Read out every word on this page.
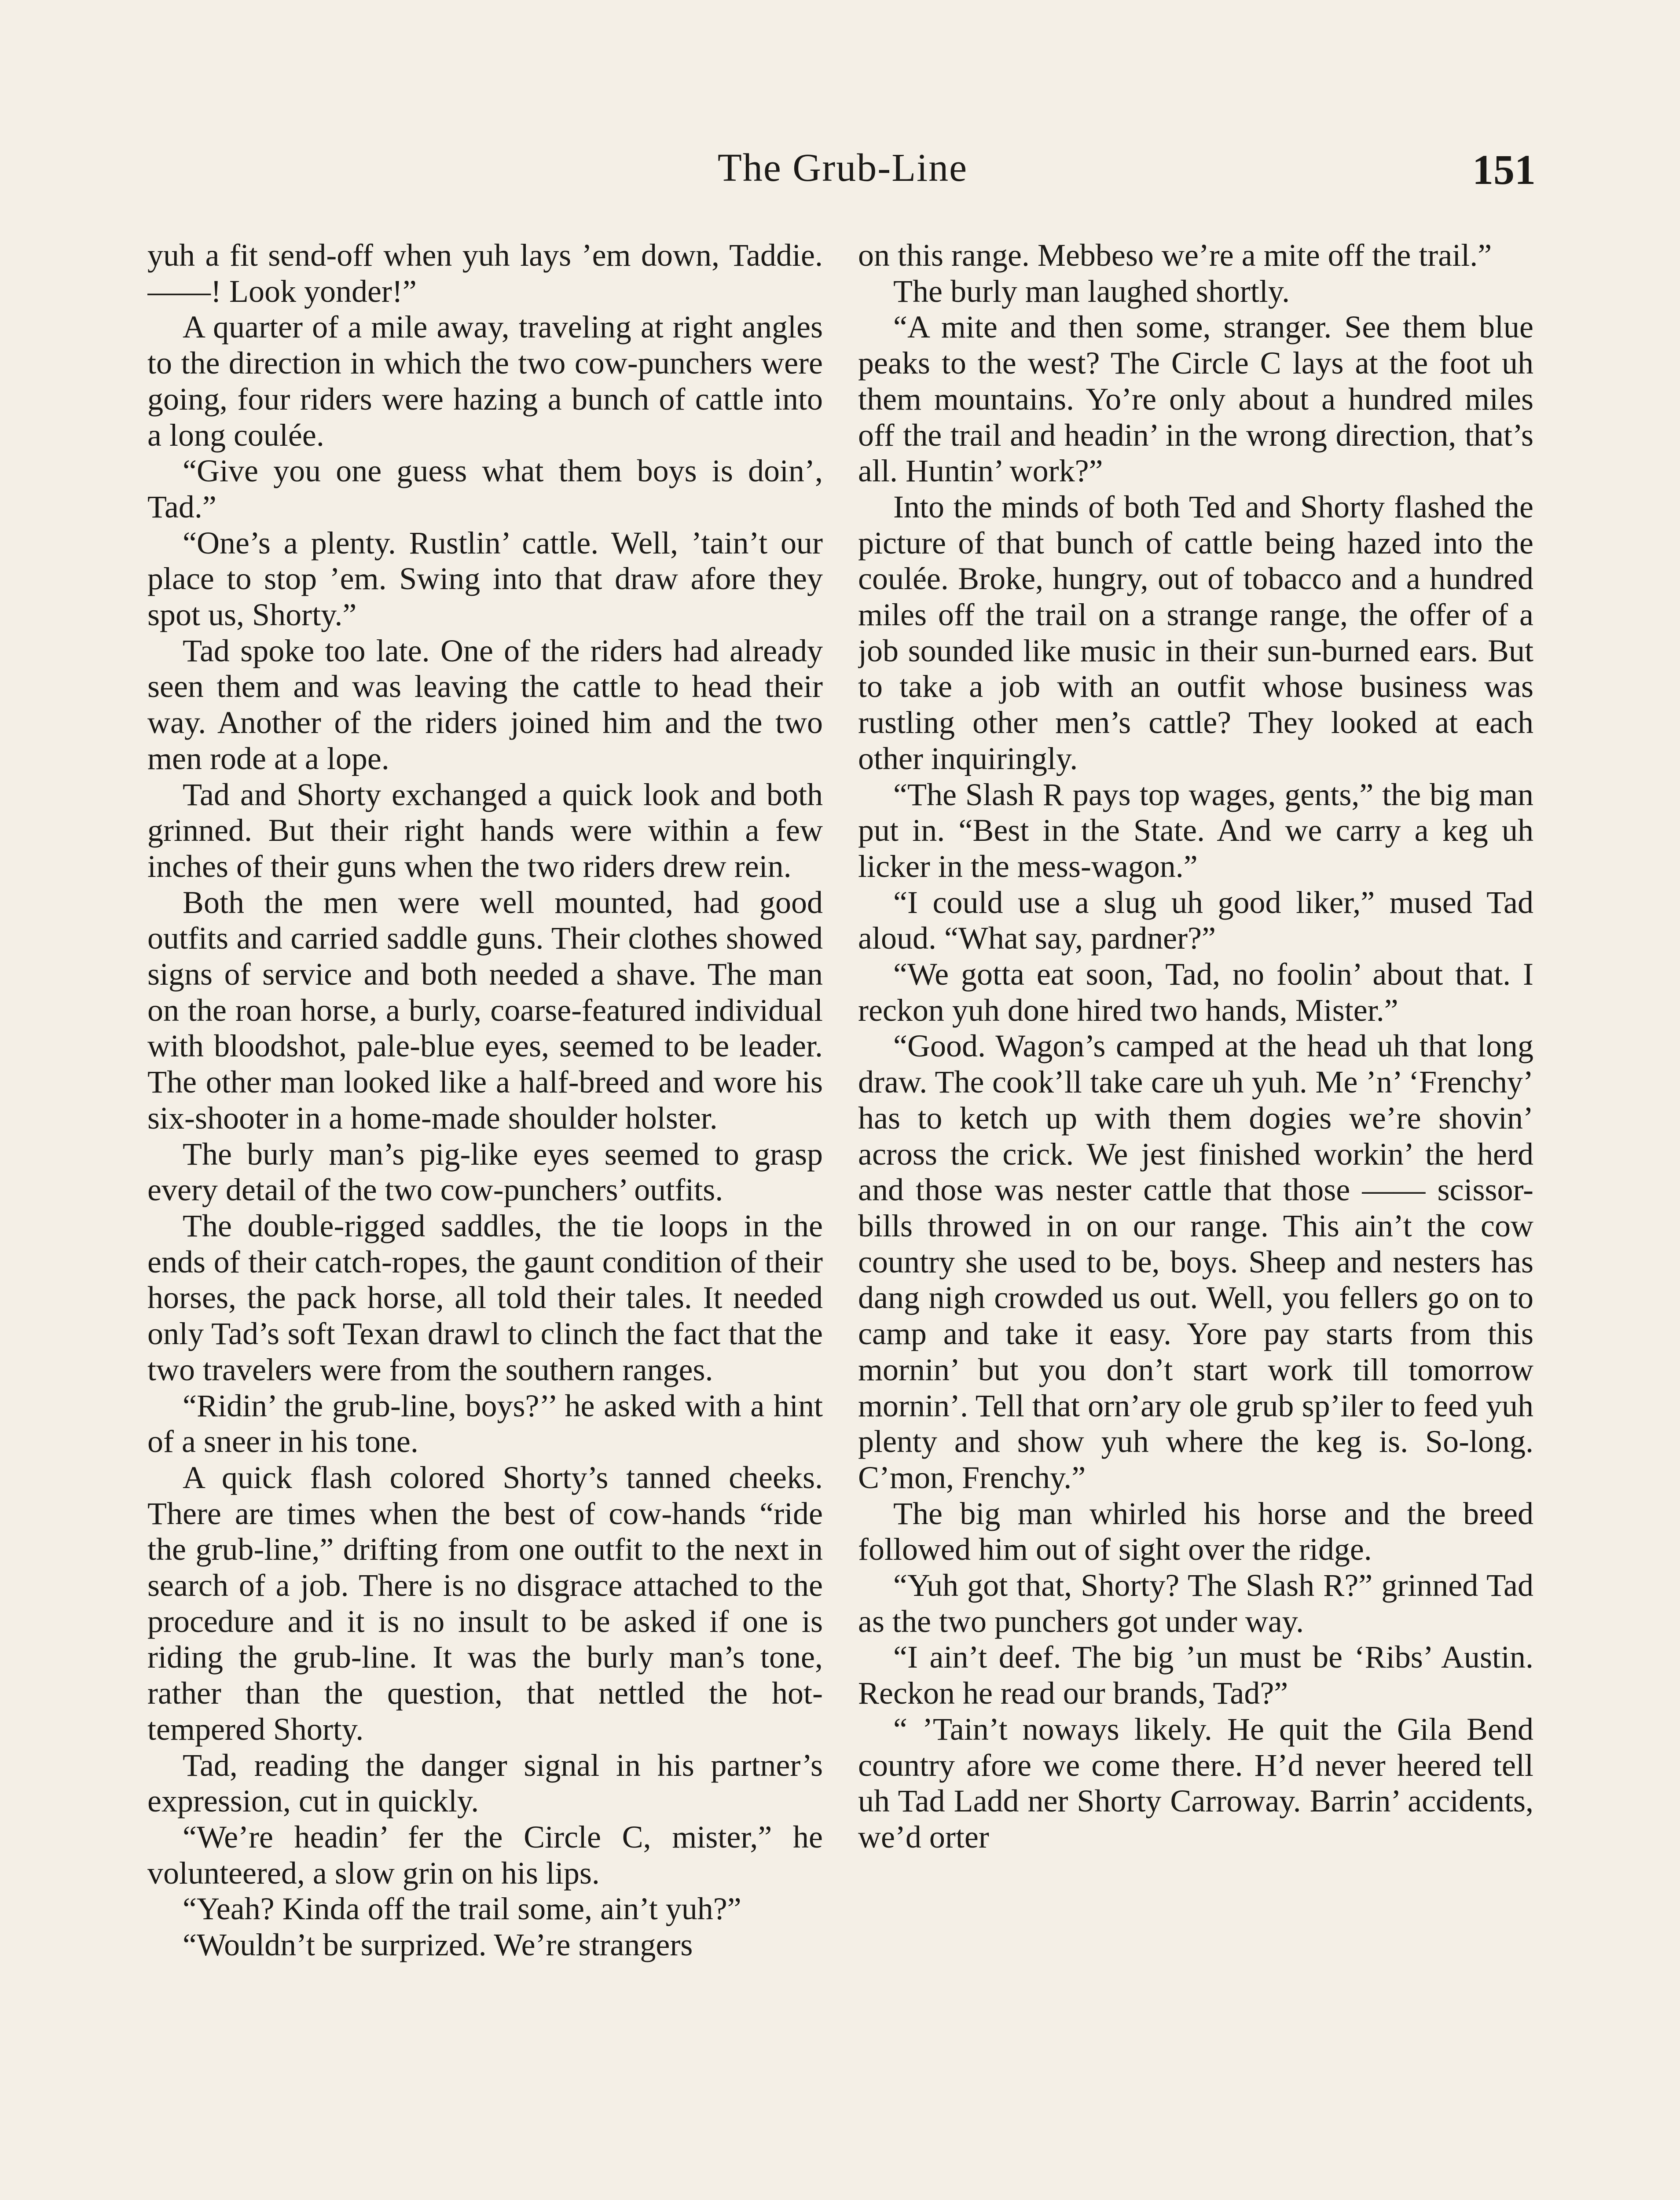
The Grub-Line	151

yuh a fit send-off when yuh lays ’em down, Taddie. ——! Look yonder!”

A quarter of a mile away, traveling at right angles to the direction in which the two cow-punchers were going, four riders were hazing a bunch of cattle into a long coulée.

“Give you one guess what them boys is doin’, Tad.”

“One’s a plenty. Rustlin’ cattle. Well, ’tain’t our place to stop ’em. Swing into that draw afore they spot us, Shorty.”

Tad spoke too late. One of the riders had already seen them and was leaving the cattle to head their way. Another of the riders joined him and the two men rode at a lope.

Tad and Shorty exchanged a quick look and both grinned. But their right hands were within a few inches of their guns when the two riders drew rein.

Both the men were well mounted, had good outfits and carried saddle guns. Their clothes showed signs of service and both needed a shave. The man on the roan horse, a burly, coarse-featured individual with bloodshot, pale-blue eyes, seemed to be leader. The other man looked like a half-breed and wore his six-shooter in a home-made shoulder holster.

The burly man’s pig-like eyes seemed to grasp every detail of the two cow-punchers’ outfits.

The double-rigged saddles, the tie loops in the ends of their catch-ropes, the gaunt condition of their horses, the pack horse, all told their tales. It needed only Tad’s soft Texan drawl to clinch the fact that the two travelers were from the southern ranges.

“Ridin’ the grub-line, boys?’’ he asked with a hint of a sneer in his tone.

A quick flash colored Shorty’s tanned cheeks. There are times when the best of cow-hands “ride the grub-line,” drifting from one outfit to the next in search of a job. There is no disgrace attached to the procedure and it is no insult to be asked if one is riding the grub-line. It was the burly man’s tone, rather than the question, that nettled the hot-tempered Shorty.

Tad, reading the danger signal in his partner’s expression, cut in quickly.

“We’re headin’ fer the Circle C, mister,” he volunteered, a slow grin on his lips.

“Yeah? Kinda off the trail some, ain’t yuh?”

“Wouldn’t be surprized. We’re strangers

on this range. Mebbeso we’re a mite off the trail.”

The burly man laughed shortly.

“A mite and then some, stranger. See them blue peaks to the west? The Circle C lays at the foot uh them mountains. Yo’re only about a hundred miles off the trail and headin’ in the wrong direction, that’s all. Huntin’ work?”

Into the minds of both Ted and Shorty flashed the picture of that bunch of cattle being hazed into the coulée. Broke, hungry, out of tobacco and a hundred miles off the trail on a strange range, the offer of a job sounded like music in their sun-burned ears. But to take a job with an outfit whose business was rustling other men’s cattle? They looked at each other inquiringly.

“The Slash R pays top wages, gents,” the big man put in. “Best in the State. And we carry a keg uh licker in the mess-wagon.”

“I could use a slug uh good liker,” mused Tad aloud. “What say, pardner?”

“We gotta eat soon, Tad, no foolin’ about that. I reckon yuh done hired two hands, Mister.”

“Good. Wagon’s camped at the head uh that long draw. The cook’ll take care uh yuh. Me ’n’ ‘Frenchy’ has to ketch up with them dogies we’re shovin’ across the crick. We jest finished workin’ the herd and those was nester cattle that those —— scissor-bills throwed in on our range. This ain’t the cow country she used to be, boys. Sheep and nesters has dang nigh crowded us out. Well, you fellers go on to camp and take it easy. Yore pay starts from this mornin’ but you don’t start work till tomorrow mornin’. Tell that orn’ary ole grub sp’iler to feed yuh plenty and show yuh where the keg is. So-long. C’mon, Frenchy.”

The big man whirled his horse and the breed followed him out of sight over the ridge.

“Yuh got that, Shorty? The Slash R?” grinned Tad as the two punchers got under way.

“I ain’t deef. The big ’un must be ‘Ribs’ Austin. Reckon he read our brands, Tad?”

“ ’Tain’t noways likely. He quit the Gila Bend country afore we come there. H’d never heered tell uh Tad Ladd ner Shorty Carroway. Barrin’ accidents, we’d orter
